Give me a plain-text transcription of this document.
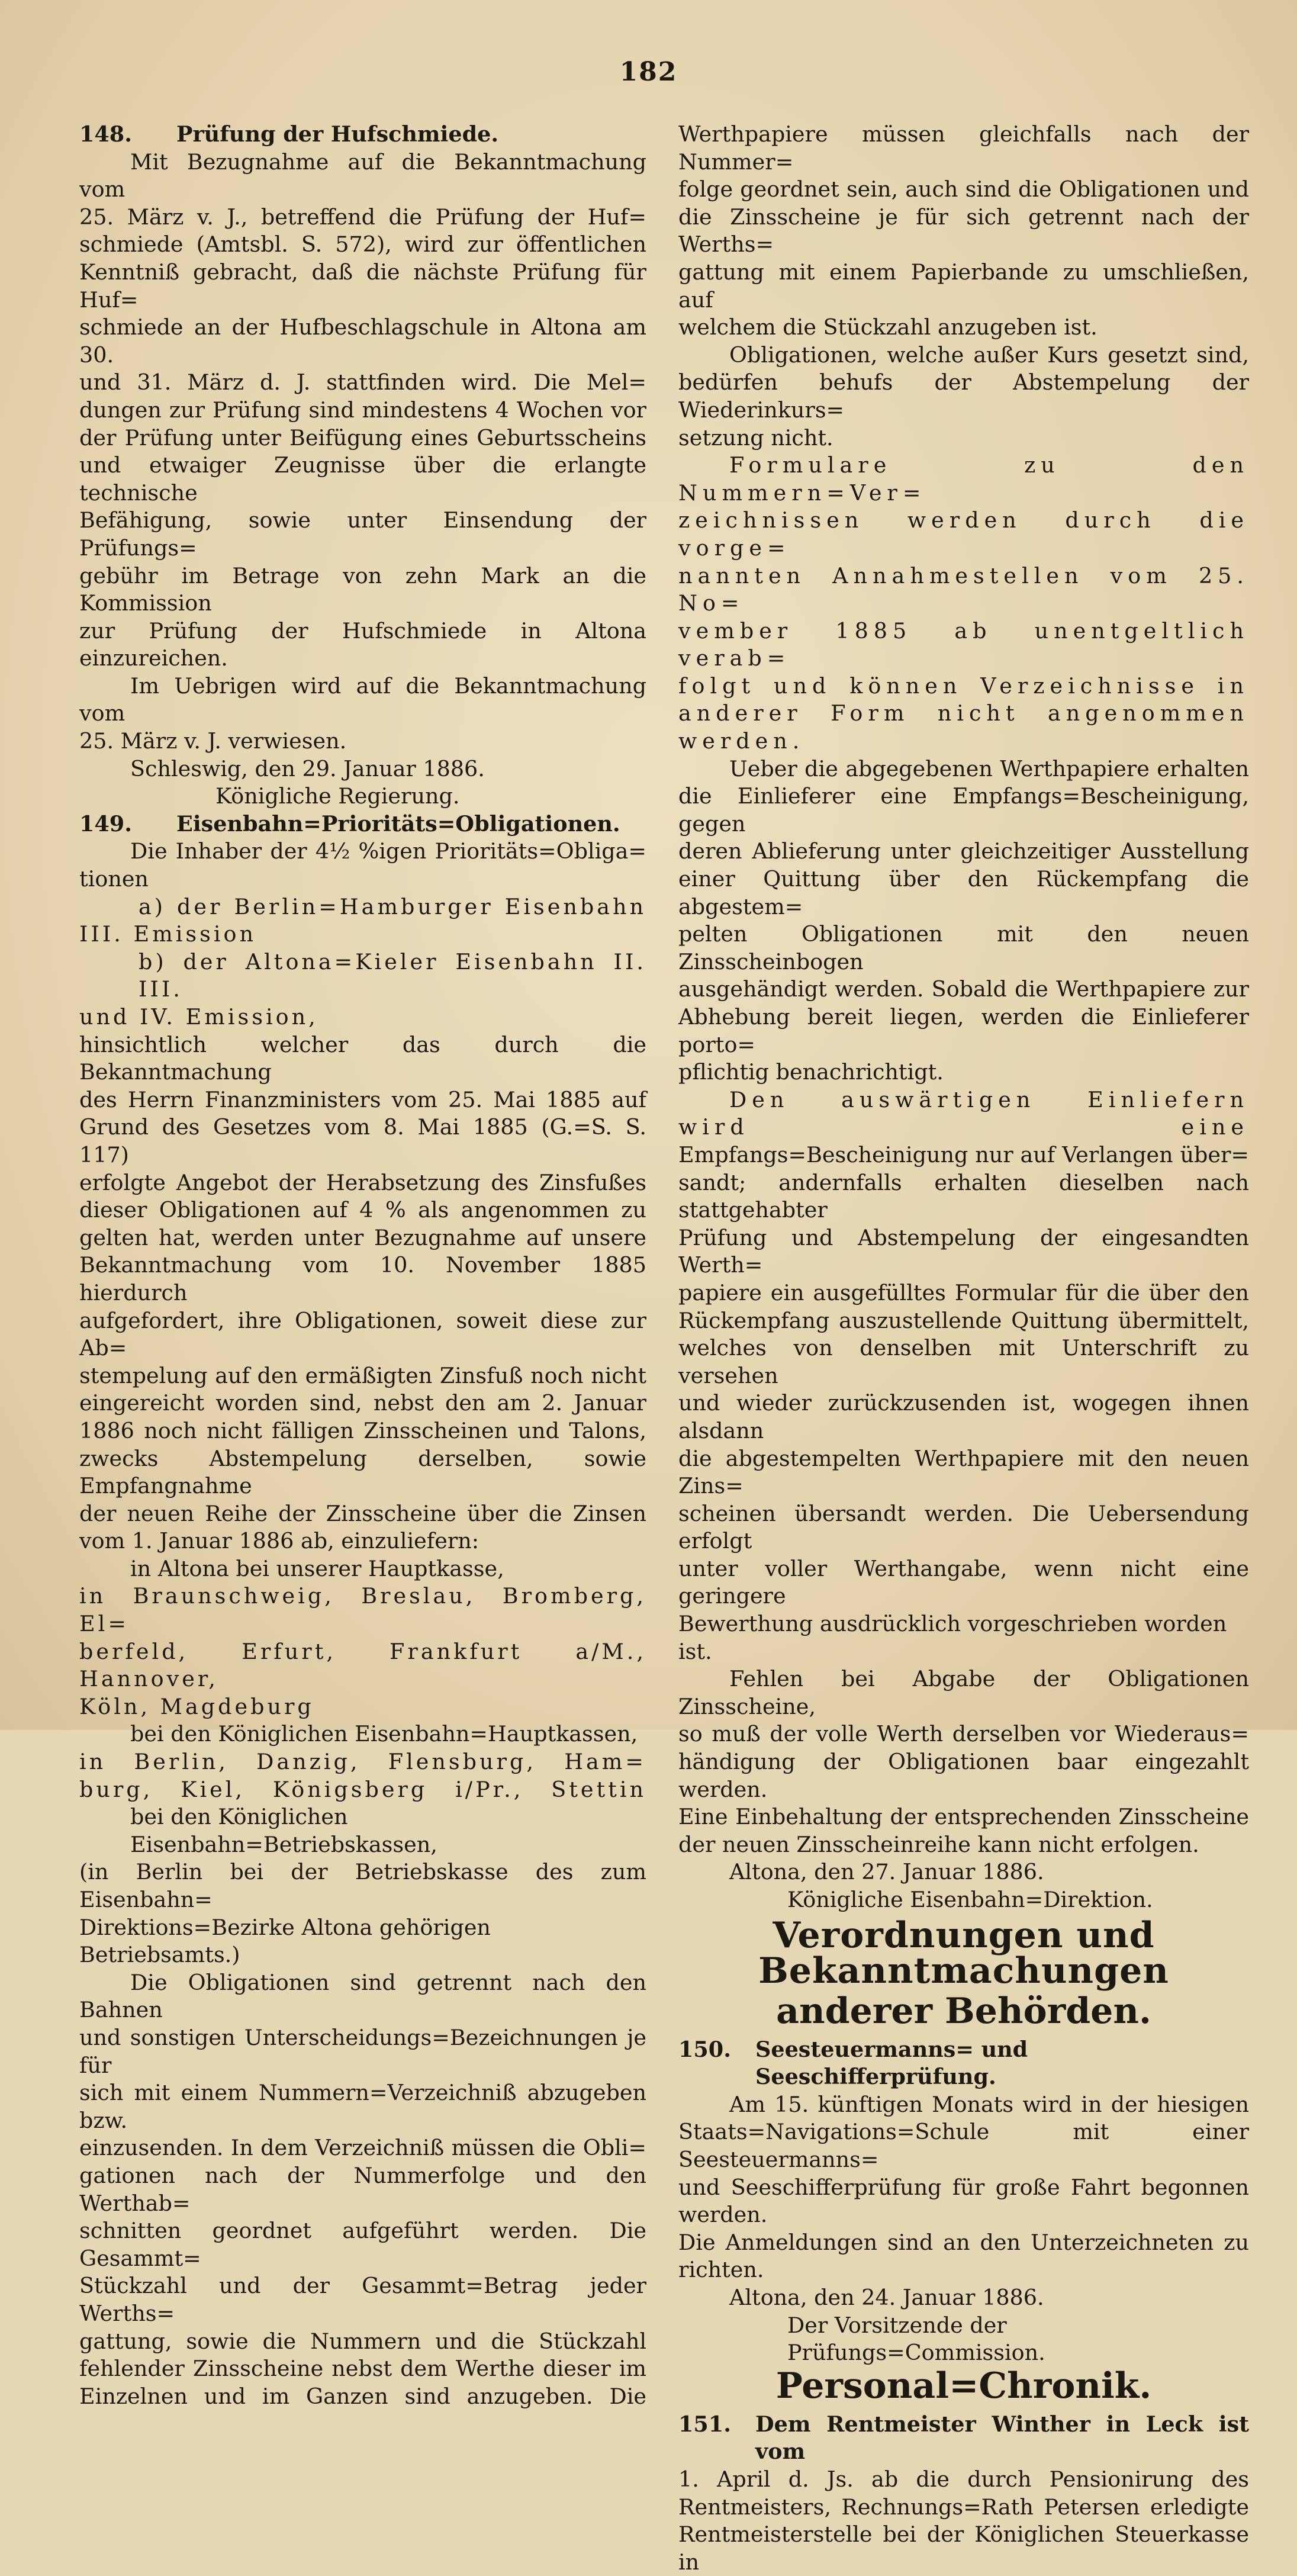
182
148.	Prüfung der Hufschmiede.

Mit Bezugnahme auf die Bekanntmachung vom

25. März v. J., betreffend die Prüfung der Huf=

schmiede (Amtsbl. S. 572), wird zur öffentlichen

Kenntniß gebracht, daß die nächste Prüfung für Huf=

schmiede an der Hufbeschlagschule in Altona am 30.

und 31. März d. J. stattfinden wird. Die Mel=

dungen zur Prüfung sind mindestens 4 Wochen vor

der Prüfung unter Beifügung eines Geburtsscheins

und etwaiger Zeugnisse über die erlangte technische

Befähigung, sowie unter Einsendung der Prüfungs=

gebühr im Betrage von zehn Mark an die Kommission

zur Prüfung der Hufschmiede in Altona einzureichen.

Im Uebrigen wird auf die Bekanntmachung vom

25. März v. J. verwiesen.

Schleswig, den 29. Januar 1886.

Königliche Regierung.

149.	Eisenbahn=Prioritäts=Obligationen.

Die Inhaber der 4½ %igen Prioritäts=Obliga=

tionen

a) der Berlin=Hamburger Eisenbahn

III. Emission

b) der Altona=Kieler Eisenbahn II. III.

und IV. Emission,

hinsichtlich welcher das durch die Bekanntmachung

des Herrn Finanzministers vom 25. Mai 1885 auf

Grund des Gesetzes vom 8. Mai 1885 (G.=S. S. 117)

erfolgte Angebot der Herabsetzung des Zinsfußes

dieser Obligationen auf 4 % als angenommen zu

gelten hat, werden unter Bezugnahme auf unsere

Bekanntmachung vom 10. November 1885 hierdurch

aufgefordert, ihre Obligationen, soweit diese zur Ab=

stempelung auf den ermäßigten Zinsfuß noch nicht

eingereicht worden sind, nebst den am 2. Januar

1886 noch nicht fälligen Zinsscheinen und Talons,

zwecks Abstempelung derselben, sowie Empfangnahme

der neuen Reihe der Zinsscheine über die Zinsen

vom 1. Januar 1886 ab, einzuliefern:

in Altona bei unserer Hauptkasse,

in Braunschweig, Breslau, Bromberg, El=

berfeld, Erfurt, Frankfurt a/M., Hannover,

Köln, Magdeburg

bei den Königlichen Eisenbahn=Hauptkassen,

in Berlin, Danzig, Flensburg, Ham=

burg, Kiel, Königsberg i/Pr., Stettin

bei den Königlichen Eisenbahn=Betriebskassen,

(in Berlin bei der Betriebskasse des zum Eisenbahn=

Direktions=Bezirke Altona gehörigen Betriebsamts.)

Die Obligationen sind getrennt nach den Bahnen

und sonstigen Unterscheidungs=Bezeichnungen je für

sich mit einem Nummern=Verzeichniß abzugeben bzw.

einzusenden. In dem Verzeichniß müssen die Obli=

gationen nach der Nummerfolge und den Werthab=

schnitten geordnet aufgeführt werden. Die Gesammt=

Stückzahl und der Gesammt=Betrag jeder Werths=

gattung, sowie die Nummern und die Stückzahl

fehlender Zinsscheine nebst dem Werthe dieser im

Einzelnen und im Ganzen sind anzugeben. Die

Werthpapiere müssen gleichfalls nach der Nummer=

folge geordnet sein, auch sind die Obligationen und

die Zinsscheine je für sich getrennt nach der Werths=

gattung mit einem Papierbande zu umschließen, auf

welchem die Stückzahl anzugeben ist.

Obligationen, welche außer Kurs gesetzt sind,

bedürfen behufs der Abstempelung der Wiederinkurs=

setzung nicht.

Formulare zu den Nummern=Ver=

zeichnissen werden durch die vorge=

nannten Annahmestellen vom 25. No=

vember 1885 ab unentgeltlich verab=

folgt und können Verzeichnisse in

anderer Form nicht angenommen

werden.

Ueber die abgegebenen Werthpapiere erhalten

die Einlieferer eine Empfangs=Bescheinigung, gegen

deren Ablieferung unter gleichzeitiger Ausstellung

einer Quittung über den Rückempfang die abgestem=

pelten Obligationen mit den neuen Zinsscheinbogen

ausgehändigt werden. Sobald die Werthpapiere zur

Abhebung bereit liegen, werden die Einlieferer porto=

pflichtig benachrichtigt.

Den auswärtigen Einliefern wird eine

Empfangs=Bescheinigung nur auf Verlangen über=

sandt; andernfalls erhalten dieselben nach stattgehabter

Prüfung und Abstempelung der eingesandten Werth=

papiere ein ausgefülltes Formular für die über den

Rückempfang auszustellende Quittung übermittelt,

welches von denselben mit Unterschrift zu versehen

und wieder zurückzusenden ist, wogegen ihnen alsdann

die abgestempelten Werthpapiere mit den neuen Zins=

scheinen übersandt werden. Die Uebersendung erfolgt

unter voller Werthangabe, wenn nicht eine geringere

Bewerthung ausdrücklich vorgeschrieben worden ist.

Fehlen bei Abgabe der Obligationen Zinsscheine,

so muß der volle Werth derselben vor Wiederaus=

händigung der Obligationen baar eingezahlt werden.

Eine Einbehaltung der entsprechenden Zinsscheine

der neuen Zinsscheinreihe kann nicht erfolgen.

Altona, den 27. Januar 1886.

Königliche Eisenbahn=Direktion.

Verordnungen und Bekanntmachungen
anderer Behörden.
150.	Seesteuermanns= und Seeschifferprüfung.

Am 15. künftigen Monats wird in der hiesigen

Staats=Navigations=Schule mit einer Seesteuermanns=

und Seeschifferprüfung für große Fahrt begonnen werden.

Die Anmeldungen sind an den Unterzeichneten zu richten.

Altona, den 24. Januar 1886.

Der Vorsitzende der Prüfungs=Commission.

Personal=Chronik.
151.	Dem Rentmeister Winther in Leck ist vom

1. April d. Js. ab die durch Pensionirung des

Rentmeisters, Rechnungs=Rath Petersen erledigte

Rentmeisterstelle bei der Königlichen Steuerkasse in
